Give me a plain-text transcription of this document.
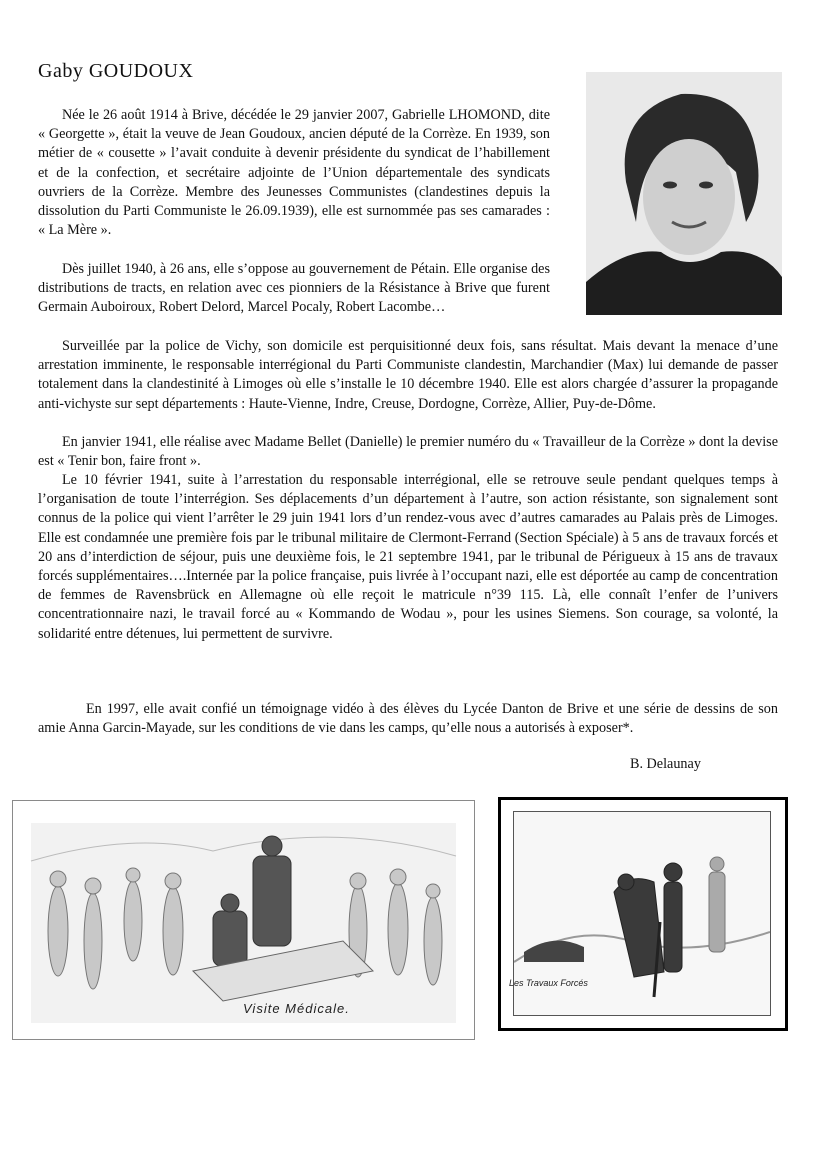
Gaby GOUDOUX

Née le 26 août 1914 à Brive, décédée le 29 janvier 2007, Gabrielle LHOMOND, dite « Georgette », était la veuve de Jean Goudoux, ancien député de la Corrèze. En 1939, son métier de « cousette » l’avait conduite à devenir présidente du syndicat de l’habillement et de la confection, et secrétaire adjointe de l’Union départementale des syndicats ouvriers de la Corrèze. Membre des Jeunesses Communistes (clandestines depuis la dissolution du Parti Communiste le 26.09.1939), elle est surnommée pas ses camarades : « La Mère ».

Dès juillet 1940, à 26 ans, elle s’oppose au gouvernement de Pétain. Elle organise des distributions de tracts, en relation avec ces pionniers de la Résistance à Brive que furent Germain Auboiroux, Robert Delord, Marcel Pocaly, Robert Lacombe…

Surveillée par la police de Vichy, son domicile est perquisitionné deux fois, sans résultat. Mais devant la menace d’une arrestation imminente, le responsable interrégional du Parti Communiste clandestin, Marchandier (Max) lui demande de passer totalement dans la clandestinité à Limoges où elle s’installe le 10 décembre 1940. Elle est alors chargée d’assurer la propagande anti-vichyste sur sept départements : Haute-Vienne, Indre, Creuse, Dordogne, Corrèze, Allier, Puy-de-Dôme.

En janvier 1941, elle réalise avec Madame Bellet (Danielle) le premier numéro du « Travailleur de la Corrèze » dont la devise est « Tenir bon, faire front ».

Le 10 février 1941, suite à l’arrestation du responsable interrégional, elle se retrouve seule pendant quelques temps à l’organisation de toute l’interrégion. Ses déplacements d’un département à l’autre, son action résistante, son signalement sont connus de la police qui vient l’arrêter le 29 juin 1941 lors d’un rendez-vous avec d’autres camarades au Palais près de Limoges. Elle est condamnée une première fois par le tribunal militaire de Clermont-Ferrand (Section Spéciale) à 5 ans de travaux forcés et 20 ans d’interdiction de séjour, puis une deuxième fois, le 21 septembre 1941, par le tribunal de Périgueux à 15 ans de travaux forcés supplémentaires….Internée par la police française, puis livrée à l’occupant nazi, elle est déportée au camp de concentration de femmes de Ravensbrück en Allemagne où elle reçoit le matricule n°39 115. Là, elle connaît l’enfer de l’univers concentrationnaire nazi, le travail forcé au « Kommando de Wodau », pour les usines Siemens. Son courage, sa volonté, la solidarité entre détenues, lui permettent de survivre.

En 1997, elle avait confié un témoignage vidéo à des élèves du Lycée Danton de Brive et une série de dessins de son amie Anna Garcin-Mayade, sur les conditions de vie dans les camps, qu’elle nous a autorisés à exposer*.

B. Delaunay

Visite Médicale.
Les Travaux Forcés
